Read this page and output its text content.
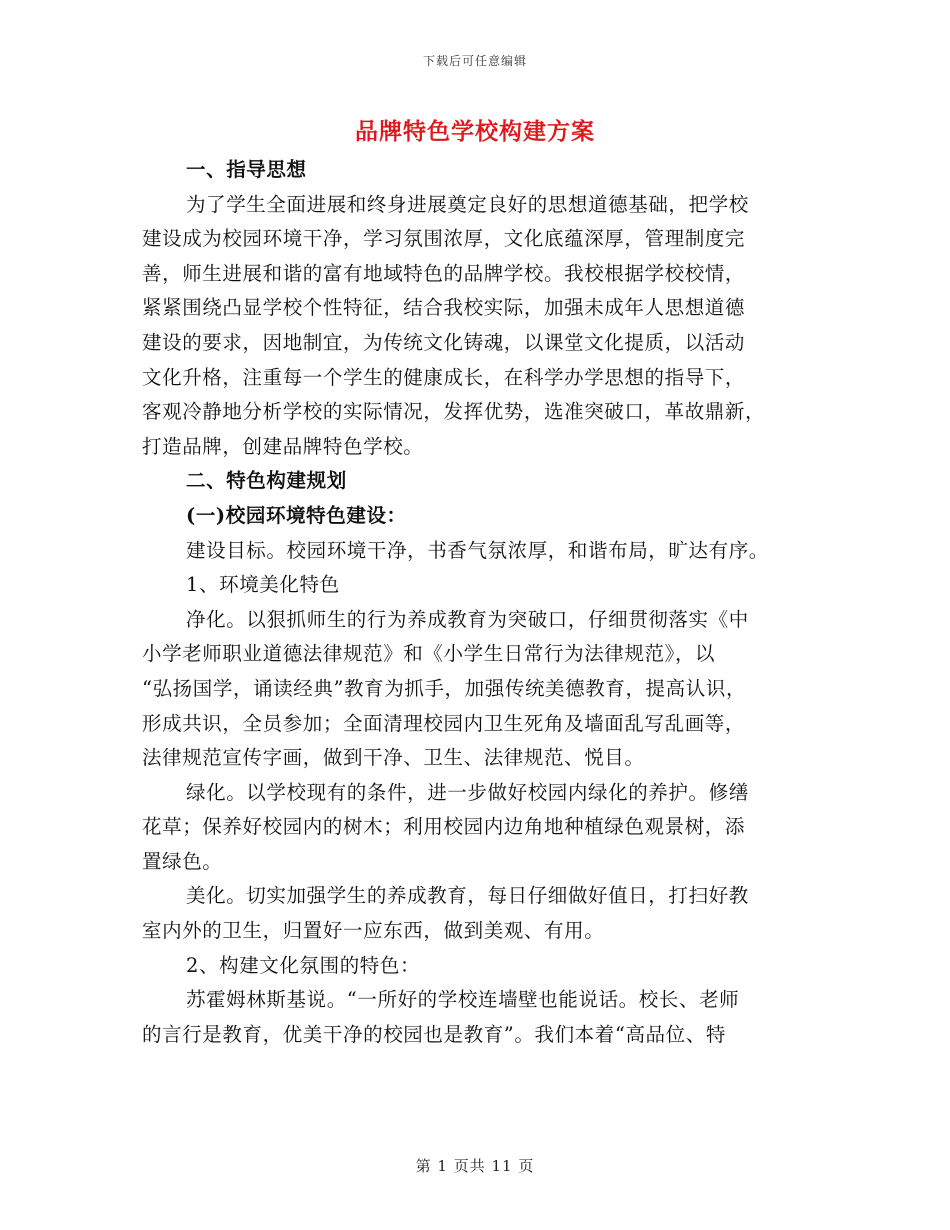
下载后可任意编辑
品牌特色学校构建方案
一、指导思想
为了学生全面进展和终身进展奠定良好的思想道德基础，把学校
建设成为校园环境干净，学习氛围浓厚，文化底蕴深厚，管理制度完
善，师生进展和谐的富有地域特色的品牌学校。我校根据学校校情，
紧紧围绕凸显学校个性特征，结合我校实际，加强未成年人思想道德
建设的要求，因地制宜，为传统文化铸魂，以课堂文化提质，以活动
文化升格，注重每一个学生的健康成长，在科学办学思想的指导下，
客观冷静地分析学校的实际情况，发挥优势，选准突破口，革故鼎新，
打造品牌，创建品牌特色学校。
二、特色构建规划
(一)校园环境特色建设：
建设目标。校园环境干净，书香气氛浓厚，和谐布局，旷达有序。
1、环境美化特色
净化。以狠抓师生的行为养成教育为突破口，仔细贯彻落实《中
小学老师职业道德法律规范》和《小学生日常行为法律规范》，以
“弘扬国学，诵读经典”教育为抓手，加强传统美德教育，提高认识，
形成共识，全员参加；全面清理校园内卫生死角及墙面乱写乱画等，
法律规范宣传字画，做到干净、卫生、法律规范、悦目。
绿化。以学校现有的条件，进一步做好校园内绿化的养护。修缮
花草；保养好校园内的树木；利用校园内边角地种植绿色观景树，添
置绿色。
美化。切实加强学生的养成教育，每日仔细做好值日，打扫好教
室内外的卫生，归置好一应东西，做到美观、有用。
2、构建文化氛围的特色：
苏霍姆林斯基说。“一所好的学校连墙壁也能说话。校长、老师
的言行是教育，优美干净的校园也是教育”。我们本着“高品位、特
第 1 页共 11 页
